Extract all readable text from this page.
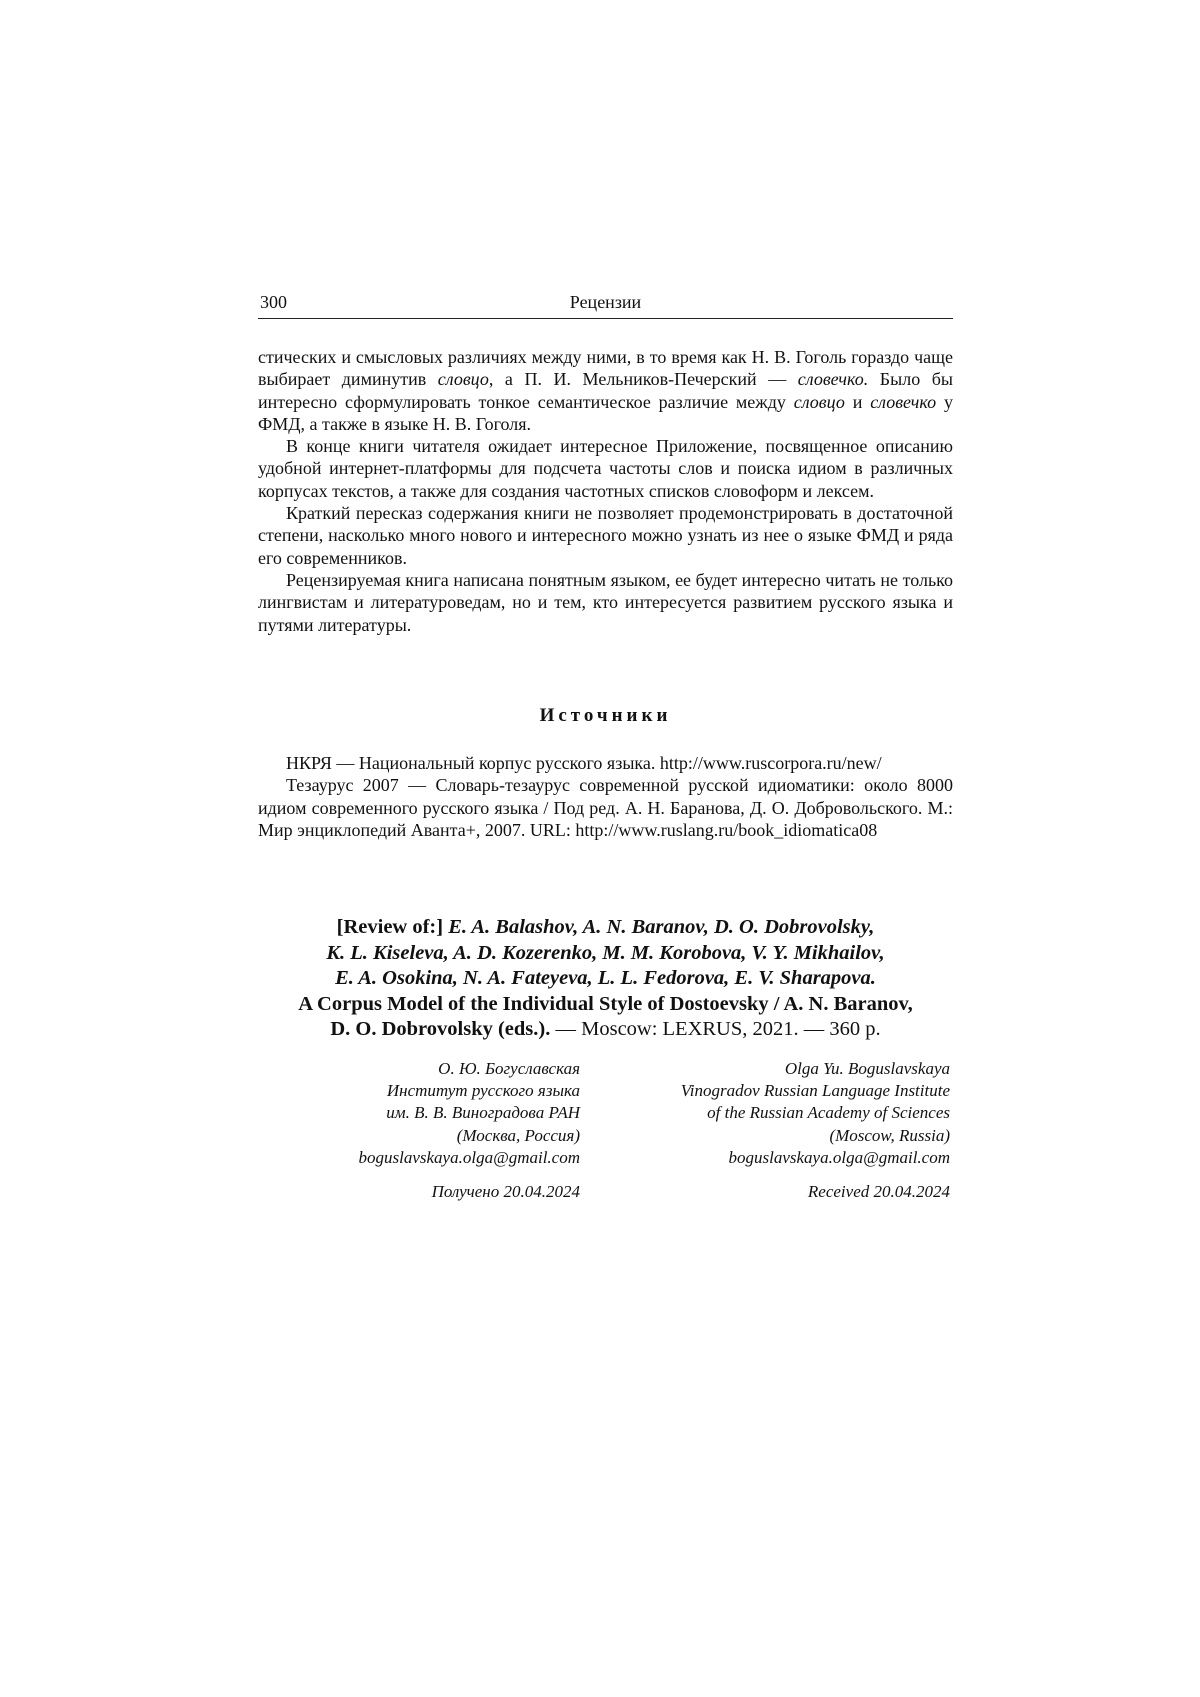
300	Рецензии

стических и смысловых различиях между ними, в то время как Н. В. Гоголь гораздо чаще выбирает диминутив словцо, а П. И. Мельников-Печерский — словечко. Было бы интересно сформулировать тонкое семантическое различие между словцо и словечко у ФМД, а также в языке Н. В. Гоголя.

В конце книги читателя ожидает интересное Приложение, посвященное описанию удобной интернет-платформы для подсчета частоты слов и поиска идиом в различных корпусах текстов, а также для создания частотных списков словоформ и лексем.

Краткий пересказ содержания книги не позволяет продемонстрировать в достаточной степени, насколько много нового и интересного можно узнать из нее о языке ФМД и ряда его современников.

Рецензируемая книга написана понятным языком, ее будет интересно читать не только лингвистам и литературоведам, но и тем, кто интересуется развитием русского языка и путями литературы.

Источники

НКРЯ — Национальный корпус русского языка. http://www.ruscorpora.ru/new/

Тезаурус 2007 — Словарь-тезаурус современной русской идиоматики: около 8000 идиом современного русского языка / Под ред. А. Н. Баранова, Д. О. Добровольского. М.: Мир энциклопедий Аванта+, 2007. URL: http://www.ruslang.ru/book_idiomatica08

[Review of:] E. A. Balashov, A. N. Baranov, D. O. Dobrovolsky,
K. L. Kiseleva, A. D. Kozerenko, M. M. Korobova, V. Y. Mikhailov,
E. A. Osokina, N. A. Fateyeva, L. L. Fedorova, E. V. Sharapova.
A Corpus Model of the Individual Style of Dostoevsky / A. N. Baranov,
D. O. Dobrovolsky (eds.). — Moscow: LEXRUS, 2021. — 360 p.
О. Ю. Богуславская
Институт русского языка
им. В. В. Виноградова РАН
(Москва, Россия)
boguslavskaya.olga@gmail.com
Получено 20.04.2024
Olga Yu. Boguslavskaya
Vinogradov Russian Language Institute
of the Russian Academy of Sciences
(Moscow, Russia)
boguslavskaya.olga@gmail.com
Received 20.04.2024
